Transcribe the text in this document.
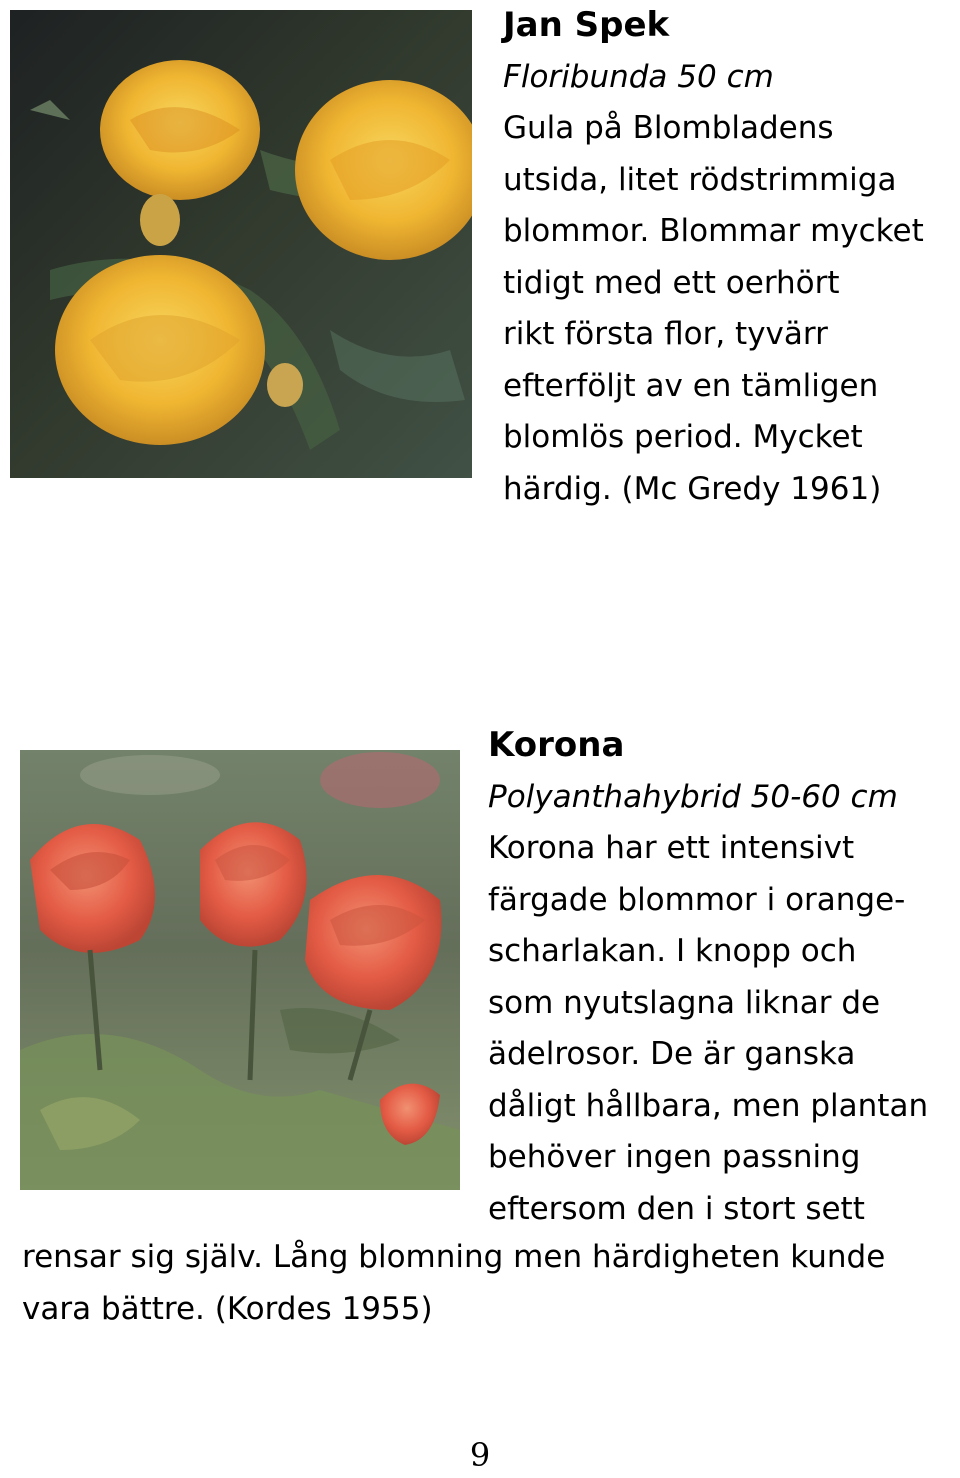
Jan Spek
Floribunda 50 cm
Gula på Blombladens
utsida, litet rödstrimmiga
blommor. Blommar mycket
tidigt med ett oerhört
rikt första flor, tyvärr
efterföljt av en tämligen
blomlös period. Mycket
härdig. (Mc Gredy 1961)
Korona
Polyanthahybrid 50-60 cm
Korona har ett intensivt
färgade blommor i orange-
scharlakan. I knopp och
som nyutslagna liknar de
ädelrosor. De är ganska
dåligt hållbara, men plantan
behöver ingen passning
eftersom den i stort sett
rensar sig själv. Lång blomning men härdigheten kunde
vara bättre. (Kordes 1955)
9
